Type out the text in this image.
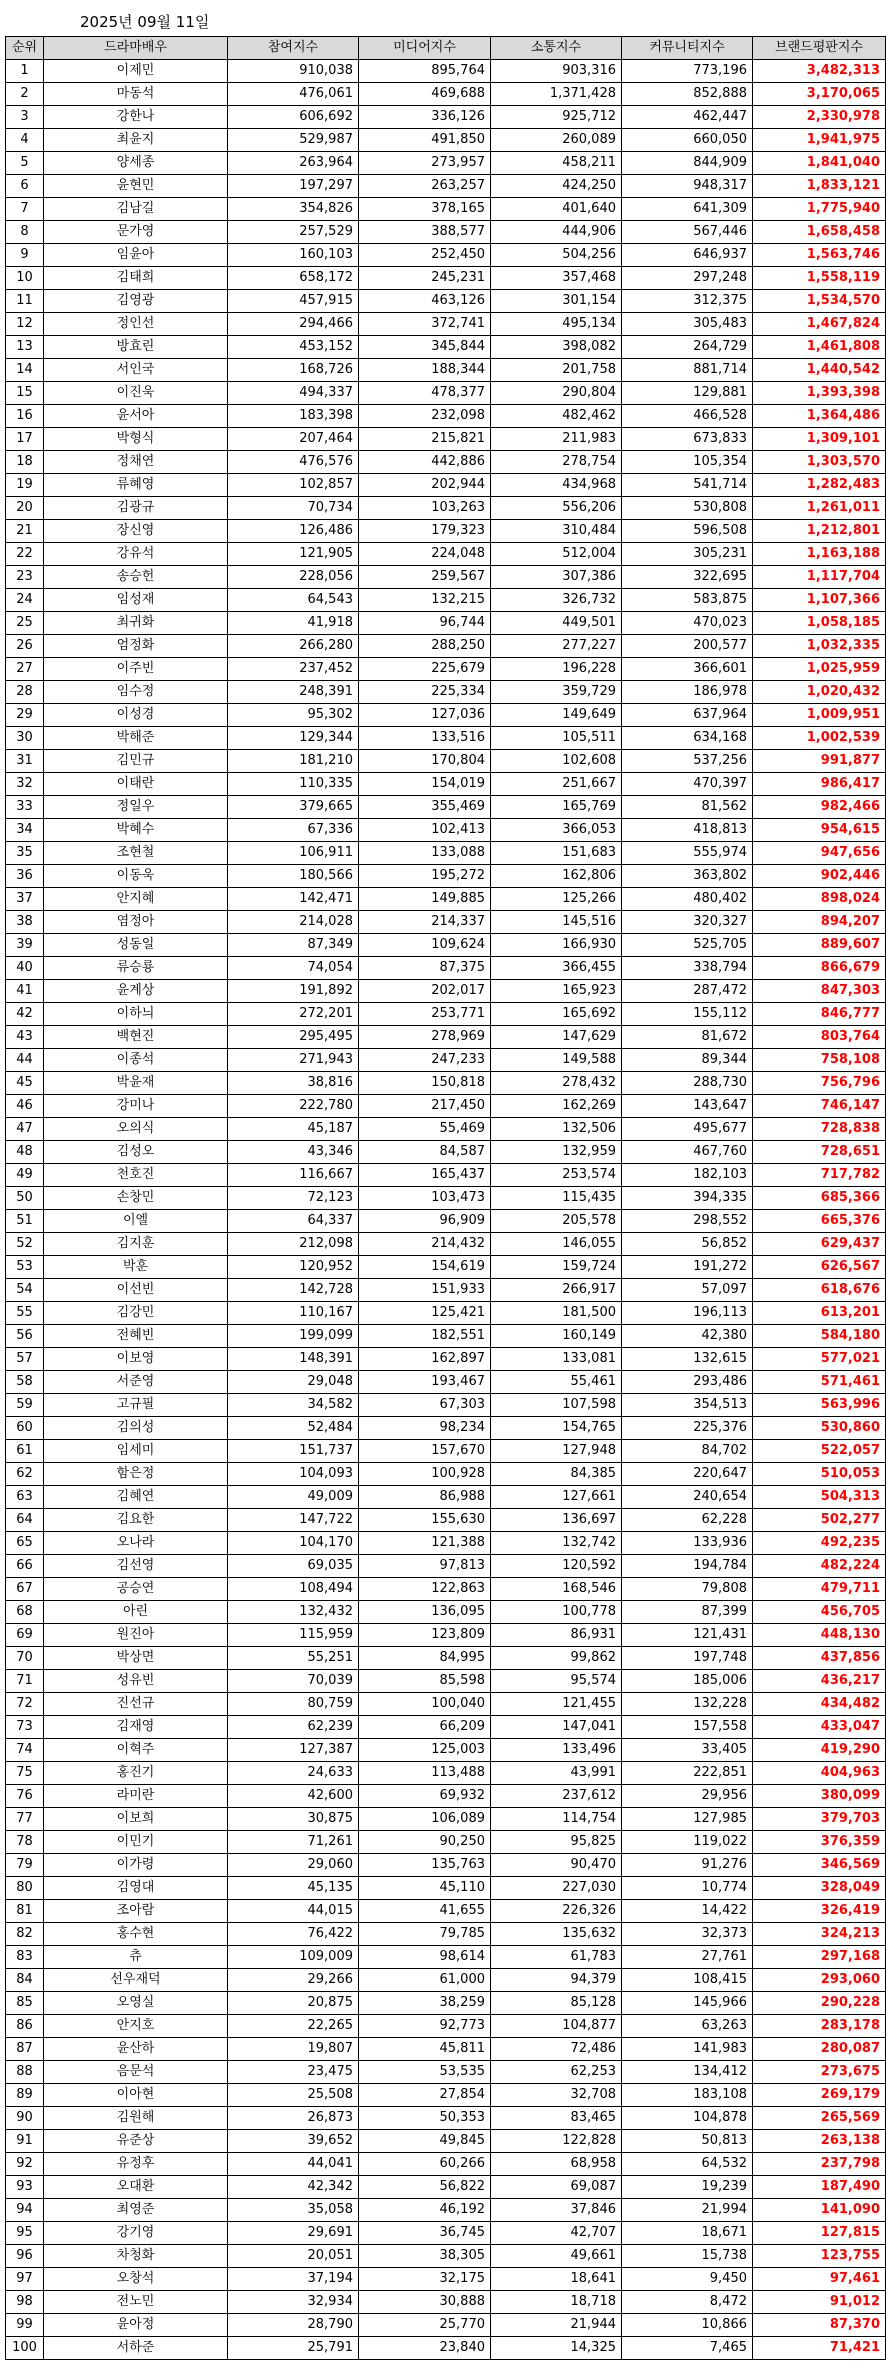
2025년 09월 11일
순위	드라마배우	참여지수	미디어지수	소통지수	커뮤니티지수	브랜드평판지수
1	이제민	910,038	895,764	903,316	773,196	3,482,313
2	마동석	476,061	469,688	1,371,428	852,888	3,170,065
3	강한나	606,692	336,126	925,712	462,447	2,330,978
4	최윤지	529,987	491,850	260,089	660,050	1,941,975
5	양세종	263,964	273,957	458,211	844,909	1,841,040
6	윤현민	197,297	263,257	424,250	948,317	1,833,121
7	김남길	354,826	378,165	401,640	641,309	1,775,940
8	문가영	257,529	388,577	444,906	567,446	1,658,458
9	임윤아	160,103	252,450	504,256	646,937	1,563,746
10	김태희	658,172	245,231	357,468	297,248	1,558,119
11	김영광	457,915	463,126	301,154	312,375	1,534,570
12	정인선	294,466	372,741	495,134	305,483	1,467,824
13	방효린	453,152	345,844	398,082	264,729	1,461,808
14	서인국	168,726	188,344	201,758	881,714	1,440,542
15	이진욱	494,337	478,377	290,804	129,881	1,393,398
16	윤서아	183,398	232,098	482,462	466,528	1,364,486
17	박형식	207,464	215,821	211,983	673,833	1,309,101
18	정채연	476,576	442,886	278,754	105,354	1,303,570
19	류혜영	102,857	202,944	434,968	541,714	1,282,483
20	김광규	70,734	103,263	556,206	530,808	1,261,011
21	장신영	126,486	179,323	310,484	596,508	1,212,801
22	강유석	121,905	224,048	512,004	305,231	1,163,188
23	송승헌	228,056	259,567	307,386	322,695	1,117,704
24	임성재	64,543	132,215	326,732	583,875	1,107,366
25	최귀화	41,918	96,744	449,501	470,023	1,058,185
26	엄정화	266,280	288,250	277,227	200,577	1,032,335
27	이주빈	237,452	225,679	196,228	366,601	1,025,959
28	임수정	248,391	225,334	359,729	186,978	1,020,432
29	이성경	95,302	127,036	149,649	637,964	1,009,951
30	박해준	129,344	133,516	105,511	634,168	1,002,539
31	김민규	181,210	170,804	102,608	537,256	991,877
32	이태란	110,335	154,019	251,667	470,397	986,417
33	정일우	379,665	355,469	165,769	81,562	982,466
34	박혜수	67,336	102,413	366,053	418,813	954,615
35	조현철	106,911	133,088	151,683	555,974	947,656
36	이동욱	180,566	195,272	162,806	363,802	902,446
37	안지혜	142,471	149,885	125,266	480,402	898,024
38	염정아	214,028	214,337	145,516	320,327	894,207
39	성동일	87,349	109,624	166,930	525,705	889,607
40	류승룡	74,054	87,375	366,455	338,794	866,679
41	윤계상	191,892	202,017	165,923	287,472	847,303
42	이하늬	272,201	253,771	165,692	155,112	846,777
43	백현진	295,495	278,969	147,629	81,672	803,764
44	이종석	271,943	247,233	149,588	89,344	758,108
45	박윤재	38,816	150,818	278,432	288,730	756,796
46	강미나	222,780	217,450	162,269	143,647	746,147
47	오의식	45,187	55,469	132,506	495,677	728,838
48	김성오	43,346	84,587	132,959	467,760	728,651
49	천호진	116,667	165,437	253,574	182,103	717,782
50	손창민	72,123	103,473	115,435	394,335	685,366
51	이엘	64,337	96,909	205,578	298,552	665,376
52	김지훈	212,098	214,432	146,055	56,852	629,437
53	박훈	120,952	154,619	159,724	191,272	626,567
54	이선빈	142,728	151,933	266,917	57,097	618,676
55	김강민	110,167	125,421	181,500	196,113	613,201
56	전혜빈	199,099	182,551	160,149	42,380	584,180
57	이보영	148,391	162,897	133,081	132,615	577,021
58	서준영	29,048	193,467	55,461	293,486	571,461
59	고규필	34,582	67,303	107,598	354,513	563,996
60	김의성	52,484	98,234	154,765	225,376	530,860
61	임세미	151,737	157,670	127,948	84,702	522,057
62	함은정	104,093	100,928	84,385	220,647	510,053
63	김혜연	49,009	86,988	127,661	240,654	504,313
64	김요한	147,722	155,630	136,697	62,228	502,277
65	오나라	104,170	121,388	132,742	133,936	492,235
66	김선영	69,035	97,813	120,592	194,784	482,224
67	공승연	108,494	122,863	168,546	79,808	479,711
68	아린	132,432	136,095	100,778	87,399	456,705
69	원진아	115,959	123,809	86,931	121,431	448,130
70	박상면	55,251	84,995	99,862	197,748	437,856
71	성유빈	70,039	85,598	95,574	185,006	436,217
72	진선규	80,759	100,040	121,455	132,228	434,482
73	김재영	62,239	66,209	147,041	157,558	433,047
74	이혁주	127,387	125,003	133,496	33,405	419,290
75	홍진기	24,633	113,488	43,991	222,851	404,963
76	라미란	42,600	69,932	237,612	29,956	380,099
77	이보희	30,875	106,089	114,754	127,985	379,703
78	이민기	71,261	90,250	95,825	119,022	376,359
79	이가령	29,060	135,763	90,470	91,276	346,569
80	김영대	45,135	45,110	227,030	10,774	328,049
81	조아람	44,015	41,655	226,326	14,422	326,419
82	홍수현	76,422	79,785	135,632	32,373	324,213
83	츄	109,009	98,614	61,783	27,761	297,168
84	선우재덕	29,266	61,000	94,379	108,415	293,060
85	오영실	20,875	38,259	85,128	145,966	290,228
86	안지호	22,265	92,773	104,877	63,263	283,178
87	윤산하	19,807	45,811	72,486	141,983	280,087
88	음문석	23,475	53,535	62,253	134,412	273,675
89	이아현	25,508	27,854	32,708	183,108	269,179
90	김원해	26,873	50,353	83,465	104,878	265,569
91	유준상	39,652	49,845	122,828	50,813	263,138
92	유정후	44,041	60,266	68,958	64,532	237,798
93	오대환	42,342	56,822	69,087	19,239	187,490
94	최영준	35,058	46,192	37,846	21,994	141,090
95	강기영	29,691	36,745	42,707	18,671	127,815
96	차청화	20,051	38,305	49,661	15,738	123,755
97	오창석	37,194	32,175	18,641	9,450	97,461
98	전노민	32,934	30,888	18,718	8,472	91,012
99	윤아정	28,790	25,770	21,944	10,866	87,370
100	서하준	25,791	23,840	14,325	7,465	71,421
